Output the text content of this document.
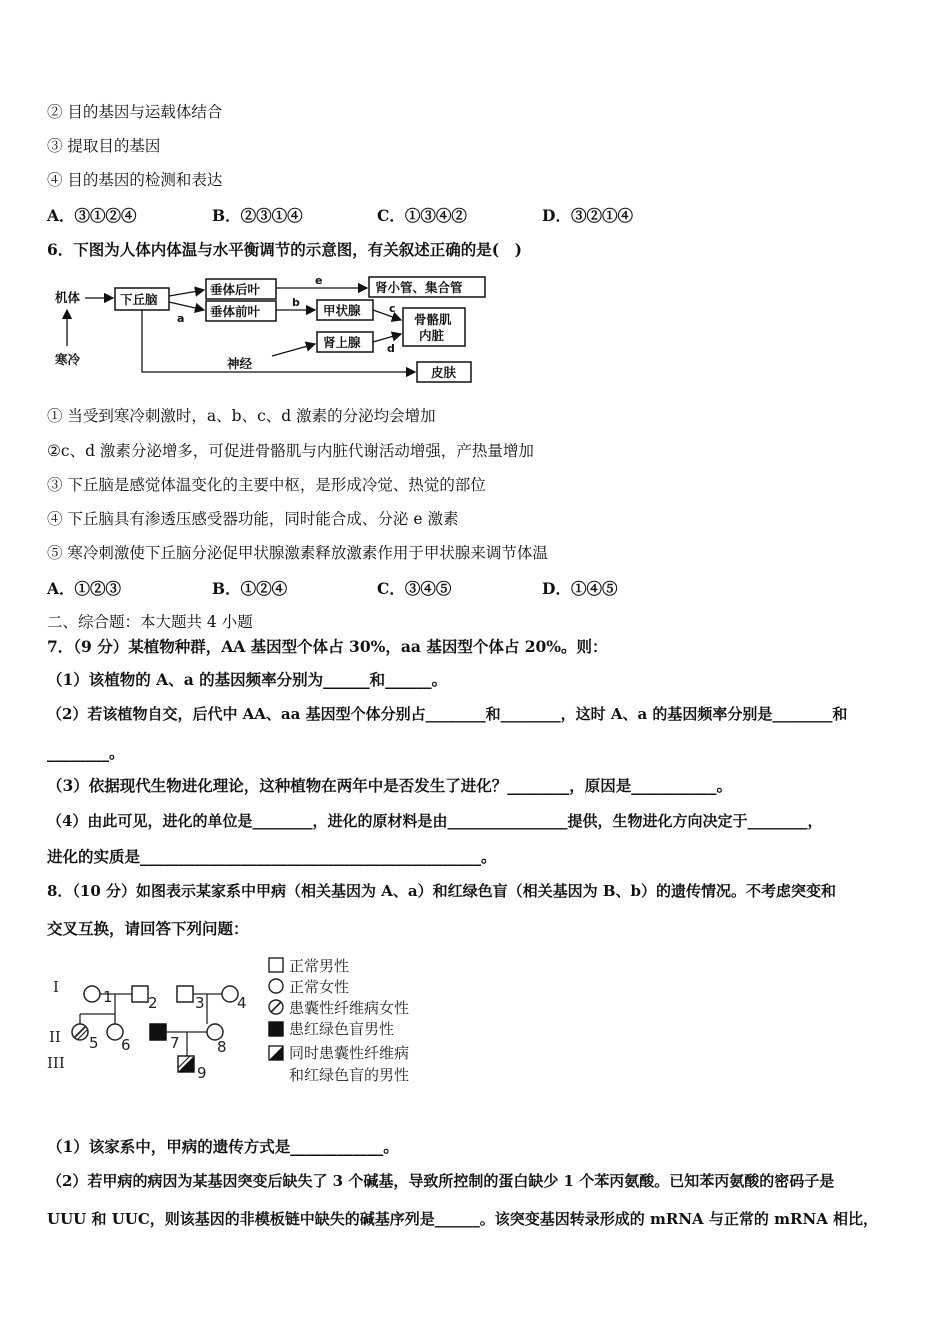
② 目的基因与运载体结合
③ 提取目的基因
④ 目的基因的检测和表达
A．③①②④	B．②③①④	C．①③④②	D．③②①④
6．下图为人体内体温与水平衡调节的示意图，有关叙述正确的是(　)
机体
寒冷
下丘脑
a
垂体后叶
垂体前叶
e
b
肾小管、集合管
甲状腺	c
骨骼肌
内脏
肾上腺 d
神经
皮肤
① 当受到寒冷刺激时，a、b、c、d 激素的分泌均会增加
②c、d 激素分泌增多，可促进骨骼肌与内脏代谢活动增强，产热量增加
③ 下丘脑是感觉体温变化的主要中枢，是形成冷觉、热觉的部位
④ 下丘脑具有渗透压感受器功能，同时能合成、分泌 e 激素
⑤ 寒冷刺激使下丘脑分泌促甲状腺激素释放激素作用于甲状腺来调节体温
A．①②③	B．①②④	C．③④⑤	D．①④⑤
二、综合题：本大题共 4 小题
7．（9 分）某植物种群，AA 基因型个体占 30%，aa 基因型个体占 20%。则：
（1）该植物的 A、a 的基因频率分别为______和______。
（2）若该植物自交，后代中 AA、aa 基因型个体分别占________和________，这时 A、a 的基因频率分别是________和
________。
（3）依据现代生物进化理论，这种植物在两年中是否发生了进化？________，原因是___________。
（4）由此可见，进化的单位是________，进化的原材料是由________________提供，生物进化方向决定于________，
进化的实质是____________________________________________。
8．（10 分）如图表示某家系中甲病（相关基因为 A、a）和红绿色盲（相关基因为 B、b）的遗传情况。不考虑突变和
交叉互换，请回答下列问题：
I
II
III
1 2
5 6
3 4
7 8
9
正常男性
正常女性
患囊性纤维病女性
患红绿色盲男性
同时患囊性纤维病
和红绿色盲的男性
（1）该家系中，甲病的遗传方式是____________。
（2）若甲病的病因为某基因突变后缺失了 3 个碱基，导致所控制的蛋白缺少 1 个苯丙氨酸。已知苯丙氨酸的密码子是
UUU 和 UUC，则该基因的非模板链中缺失的碱基序列是______。该突变基因转录形成的 mRNA 与正常的 mRNA 相比，
